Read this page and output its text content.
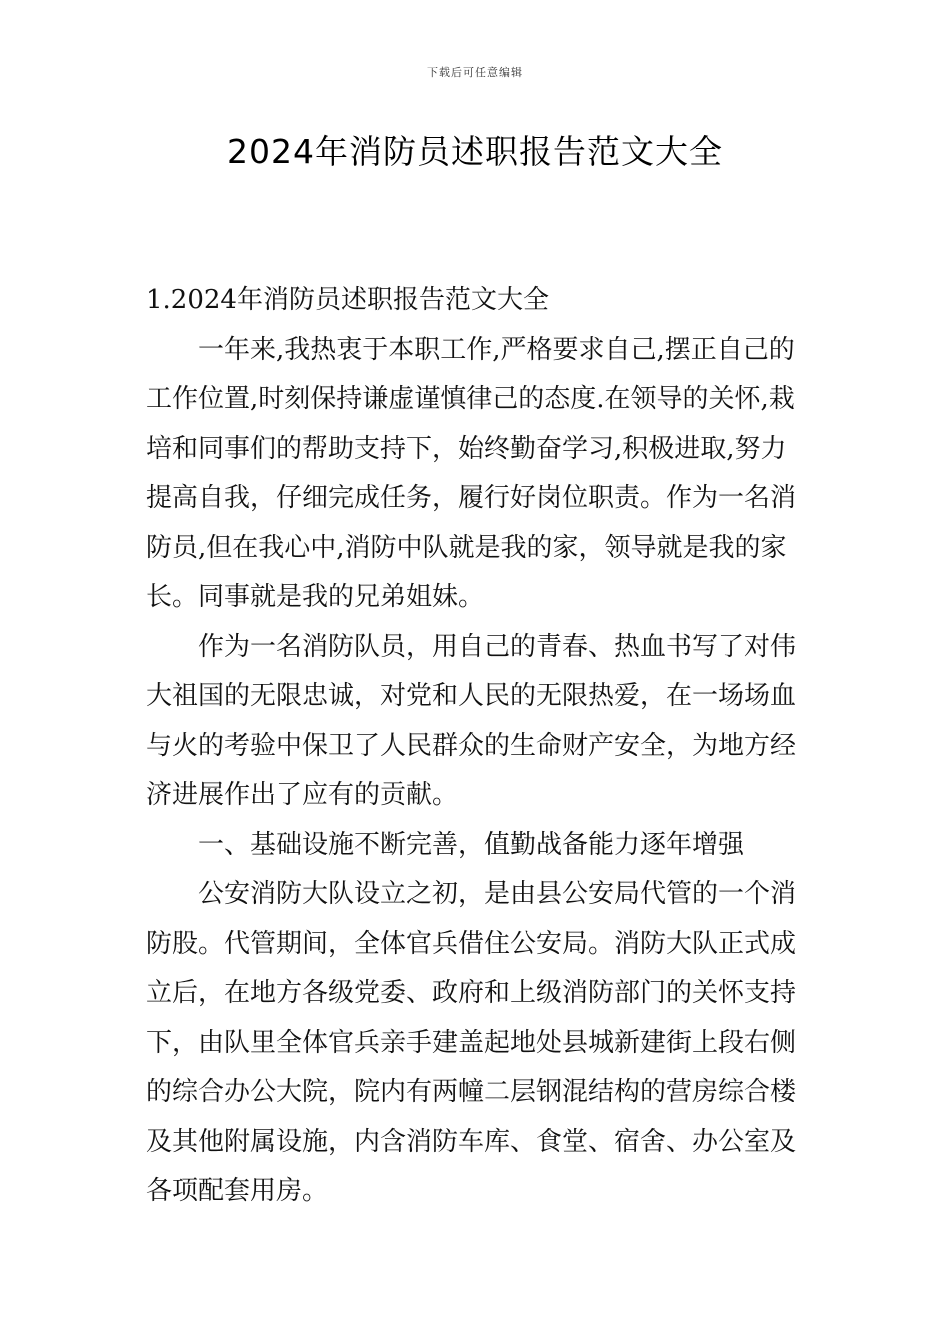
下载后可任意编辑
2024年消防员述职报告范文大全

1.2024年消防员述职报告范文大全

一年来,我热衷于本职工作,严格要求自己,摆正自己的工作位置,时刻保持谦虚谨慎律己的态度.在领导的关怀,栽培和同事们的帮助支持下，始终勤奋学习,积极进取,努力提高自我，仔细完成任务，履行好岗位职责。作为一名消防员,但在我心中,消防中队就是我的家，领导就是我的家长。同事就是我的兄弟姐妹。

作为一名消防队员，用自己的青春、热血书写了对伟大祖国的无限忠诚，对党和人民的无限热爱，在一场场血与火的考验中保卫了人民群众的生命财产安全，为地方经济进展作出了应有的贡献。

一、基础设施不断完善，值勤战备能力逐年增强

公安消防大队设立之初，是由县公安局代管的一个消防股。代管期间，全体官兵借住公安局。消防大队正式成立后，在地方各级党委、政府和上级消防部门的关怀支持下，由队里全体官兵亲手建盖起地处县城新建街上段右侧的综合办公大院，院内有两幢二层钢混结构的营房综合楼及其他附属设施，内含消防车库、食堂、宿舍、办公室及各项配套用房。
